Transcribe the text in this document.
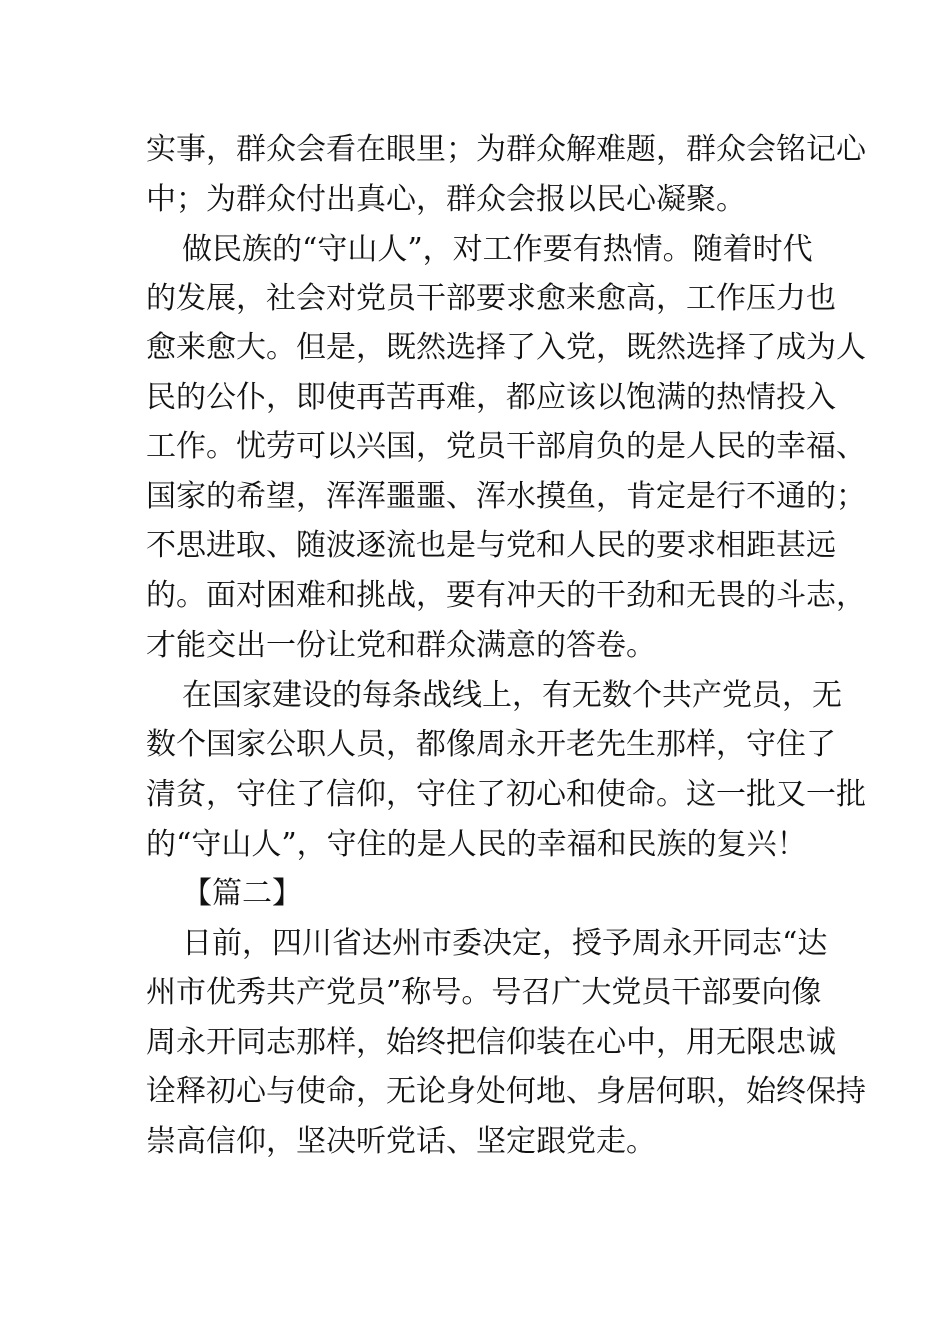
实事，群众会看在眼里；为群众解难题，群众会铭记心
中；为群众付出真心，群众会报以民心凝聚。
做民族的“守山人”，对工作要有热情。随着时代
的发展，社会对党员干部要求愈来愈高，工作压力也
愈来愈大。但是，既然选择了入党，既然选择了成为人
民的公仆，即使再苦再难，都应该以饱满的热情投入
工作。忧劳可以兴国，党员干部肩负的是人民的幸福、
国家的希望，浑浑噩噩、浑水摸鱼，肯定是行不通的；
不思进取、随波逐流也是与党和人民的要求相距甚远
的。面对困难和挑战，要有冲天的干劲和无畏的斗志，
才能交出一份让党和群众满意的答卷。
在国家建设的每条战线上，有无数个共产党员，无
数个国家公职人员，都像周永开老先生那样，守住了
清贫，守住了信仰，守住了初心和使命。这一批又一批
的“守山人”，守住的是人民的幸福和民族的复兴！
【篇二】
日前，四川省达州市委决定，授予周永开同志“达
州市优秀共产党员”称号。号召广大党员干部要向像
周永开同志那样，始终把信仰装在心中，用无限忠诚
诠释初心与使命，无论身处何地、身居何职，始终保持
崇高信仰，坚决听党话、坚定跟党走。
